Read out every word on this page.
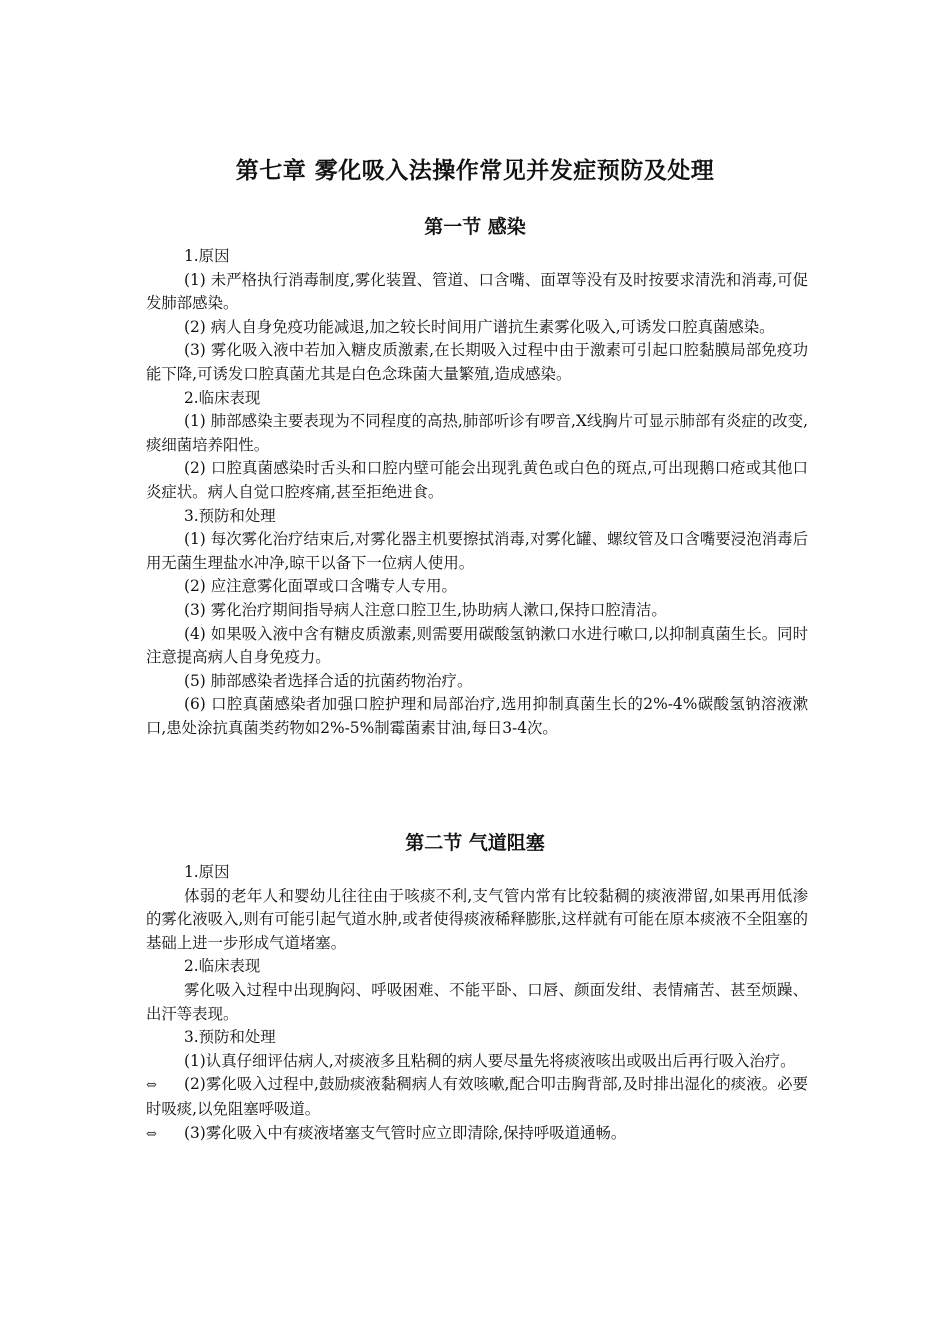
第七章 雾化吸入法操作常见并发症预防及处理
第一节 感染

1.原因

(1) 未严格执行消毒制度,雾化装置、管道、口含嘴、面罩等没有及时按要求清洗和消毒,可促发肺部感染。

(2) 病人自身免疫功能减退,加之较长时间用广谱抗生素雾化吸入,可诱发口腔真菌感染。

(3) 雾化吸入液中若加入糖皮质激素,在长期吸入过程中由于激素可引起口腔黏膜局部免疫功能下降,可诱发口腔真菌尤其是白色念珠菌大量繁殖,造成感染。

2.临床表现

(1) 肺部感染主要表现为不同程度的高热,肺部听诊有啰音,X线胸片可显示肺部有炎症的改变,痰细菌培养阳性。

(2) 口腔真菌感染时舌头和口腔内壁可能会出现乳黄色或白色的斑点,可出现鹅口疮或其他口炎症状。病人自觉口腔疼痛,甚至拒绝进食。

3.预防和处理

(1) 每次雾化治疗结束后,对雾化器主机要擦拭消毒,对雾化罐、螺纹管及口含嘴要浸泡消毒后用无菌生理盐水冲净,晾干以备下一位病人使用。

(2) 应注意雾化面罩或口含嘴专人专用。

(3) 雾化治疗期间指导病人注意口腔卫生,协助病人漱口,保持口腔清洁。

(4) 如果吸入液中含有糖皮质激素,则需要用碳酸氢钠漱口水进行嗽口,以抑制真菌生长。同时注意提高病人自身免疫力。

(5) 肺部感染者选择合适的抗菌药物治疗。

(6) 口腔真菌感染者加强口腔护理和局部治疗,选用抑制真菌生长的2%-4%碳酸氢钠溶液漱口,患处涂抗真菌类药物如2%-5%制霉菌素甘油,每日3-4次。

第二节 气道阻塞

1.原因

体弱的老年人和婴幼儿往往由于咳痰不利,支气管内常有比较黏稠的痰液滞留,如果再用低渗的雾化液吸入,则有可能引起气道水肿,或者使得痰液稀释膨胀,这样就有可能在原本痰液不全阻塞的基础上进一步形成气道堵塞。

2.临床表现

雾化吸入过程中出现胸闷、呼吸困难、不能平卧、口唇、颜面发绀、表情痛苦、甚至烦躁、出汗等表现。

3.预防和处理

(1)认真仔细评估病人,对痰液多且粘稠的病人要尽量先将痰液咳出或吸出后再行吸入治疗。

⇔ (2)雾化吸入过程中,鼓励痰液黏稠病人有效咳嗽,配合叩击胸背部,及时排出湿化的痰液。必要时吸痰,以免阻塞呼吸道。

⇔ (3)雾化吸入中有痰液堵塞支气管时应立即清除,保持呼吸道通畅。
